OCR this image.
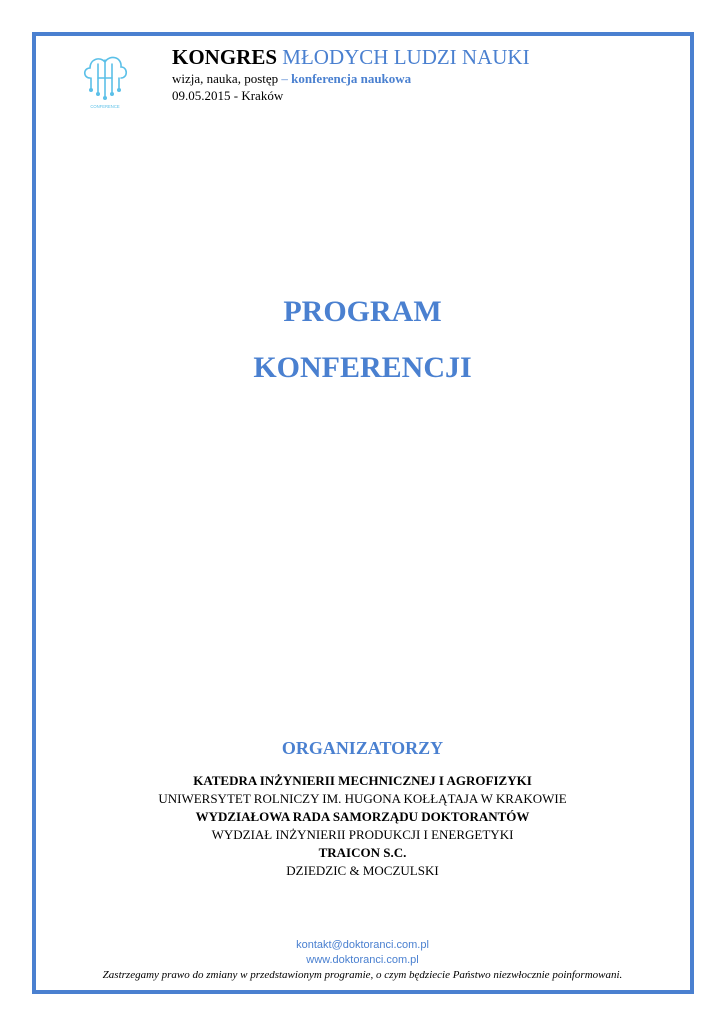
CONFERENCE
KONGRES MŁODYCH LUDZI NAUKI
wizja, nauka, postęp – konferencja naukowa
09.05.2015 - Kraków
PROGRAM
KONFERENCJI
ORGANIZATORZY
KATEDRA INŻYNIERII MECHNICZNEJ I AGROFIZYKI
UNIWERSYTET ROLNICZY IM. HUGONA KOŁŁĄTAJA W KRAKOWIE
WYDZIAŁOWA RADA SAMORZĄDU DOKTORANTÓW
WYDZIAŁ INŻYNIERII PRODUKCJI I ENERGETYKI
TRAICON S.C.
DZIEDZIC & MOCZULSKI
kontakt@doktoranci.com.pl
www.doktoranci.com.pl
Zastrzegamy prawo do zmiany w przedstawionym programie, o czym będziecie Państwo niezwłocznie poinformowani.
